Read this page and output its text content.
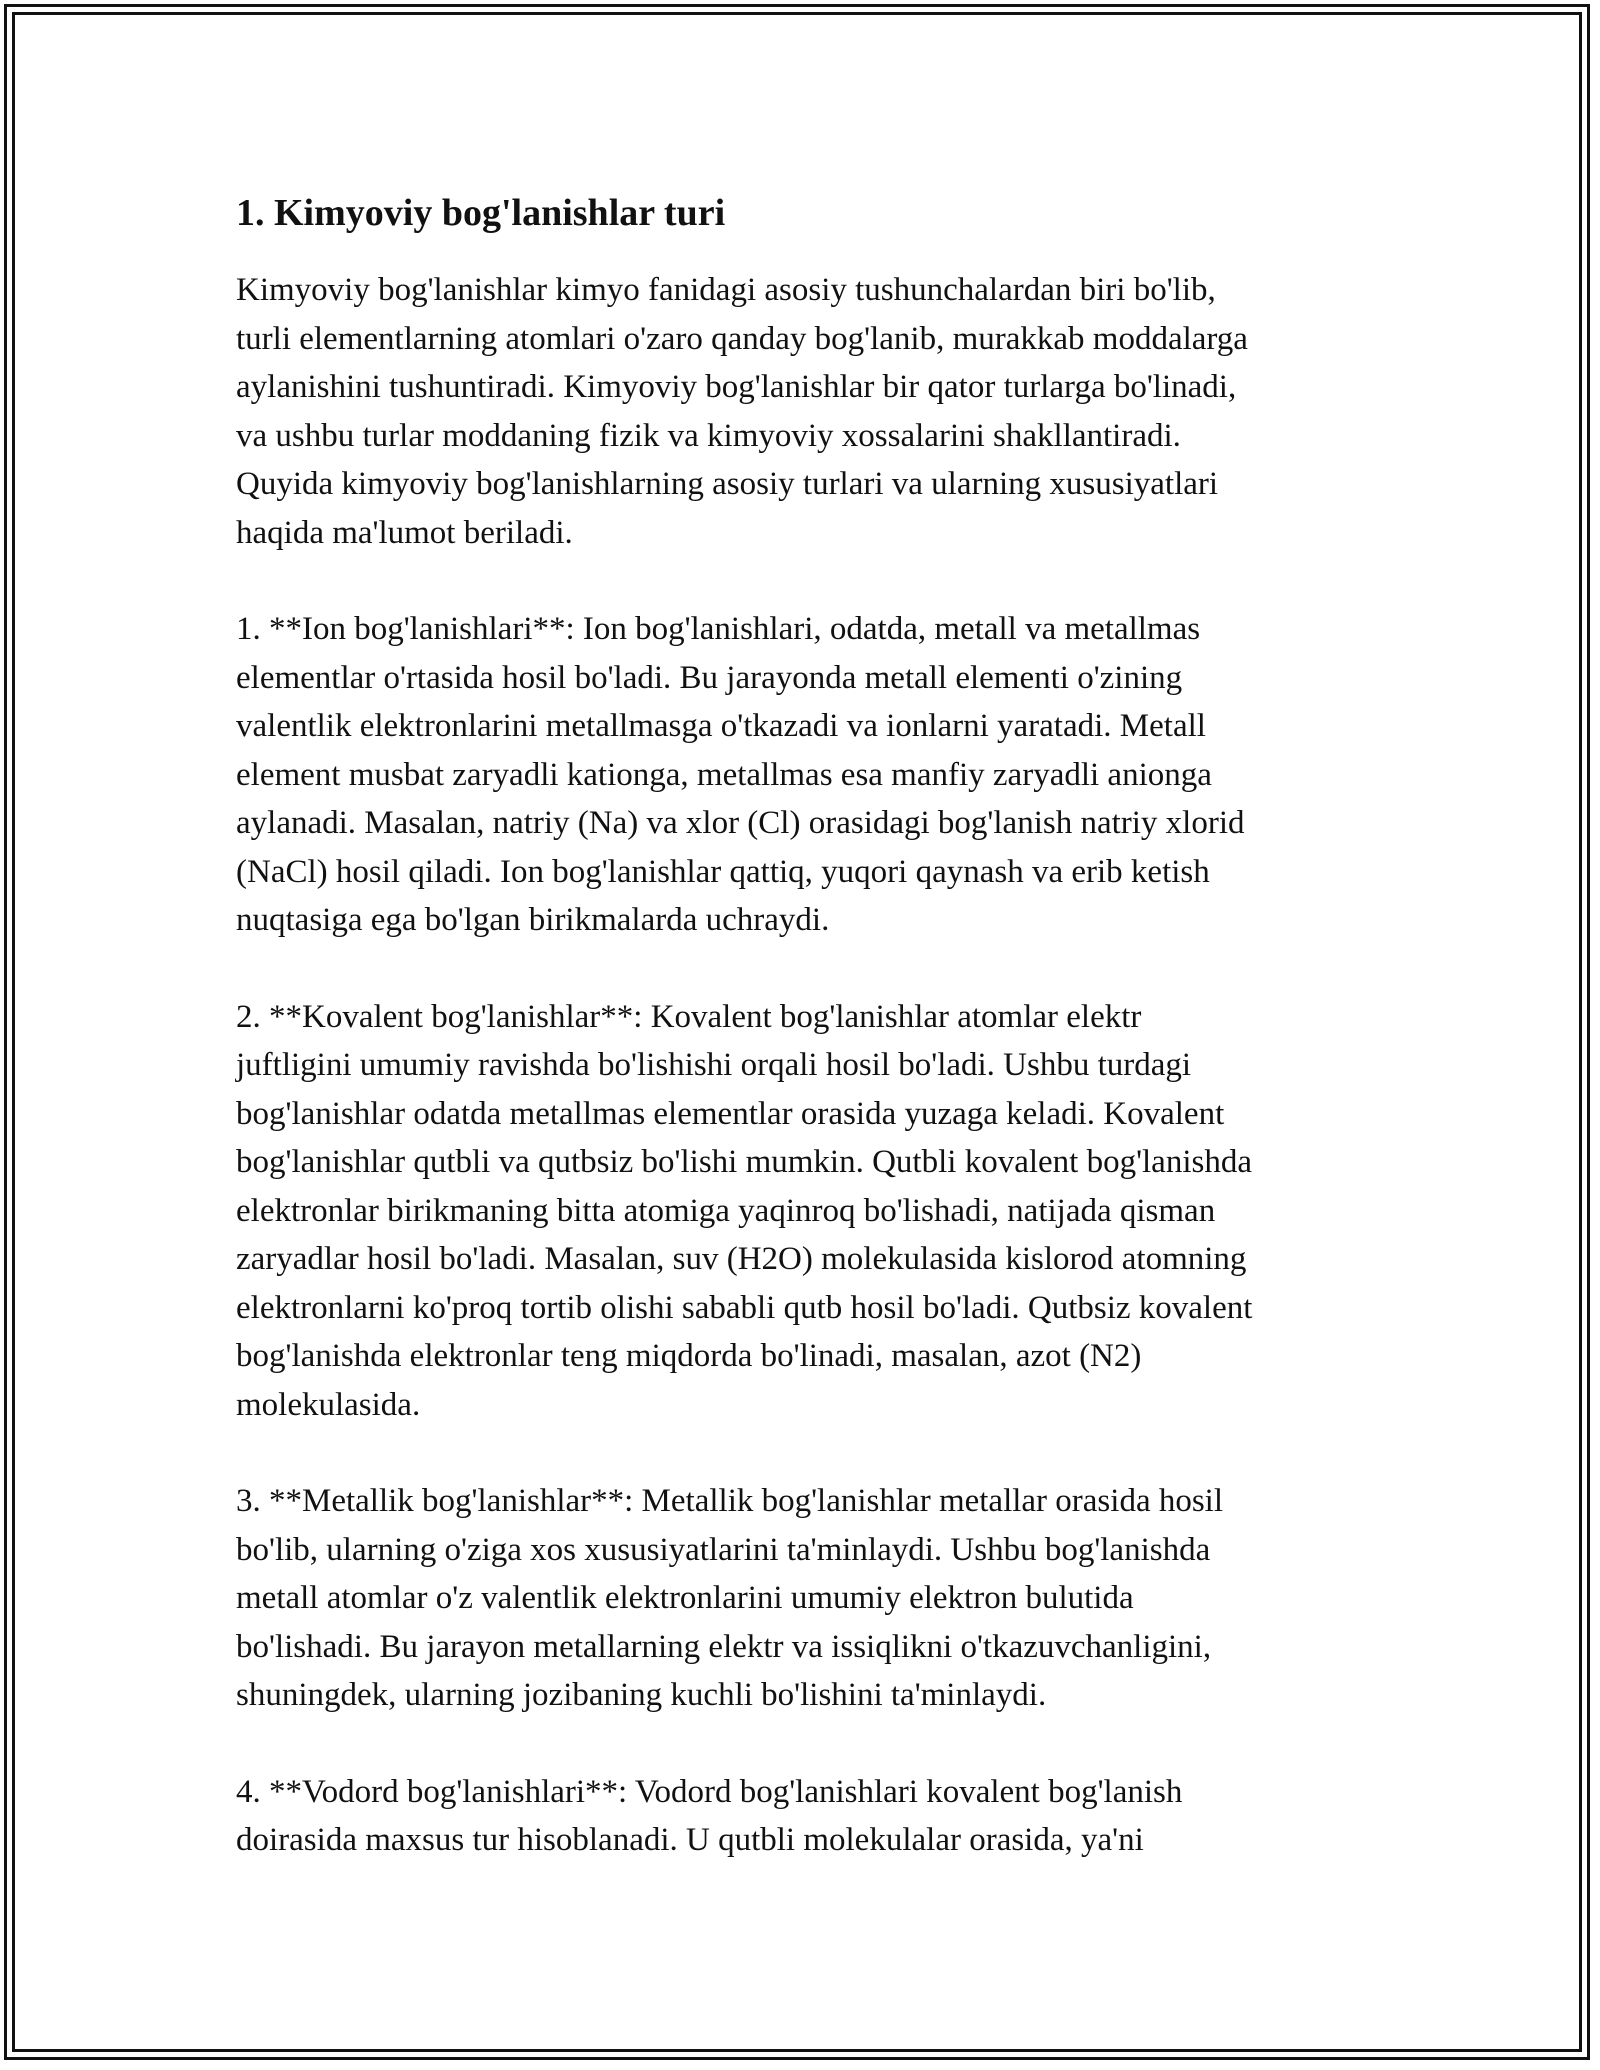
1. Kimyoviy bog'lanishlar turi

Kimyoviy bog'lanishlar kimyo fanidagi asosiy tushunchalardan biri bo'lib,
turli elementlarning atomlari o'zaro qanday bog'lanib, murakkab moddalarga
aylanishini tushuntiradi. Kimyoviy bog'lanishlar bir qator turlarga bo'linadi,
va ushbu turlar moddaning fizik va kimyoviy xossalarini shakllantiradi.
Quyida kimyoviy bog'lanishlarning asosiy turlari va ularning xususiyatlari
haqida ma'lumot beriladi.

1. **Ion bog'lanishlari**: Ion bog'lanishlari, odatda, metall va metallmas
elementlar o'rtasida hosil bo'ladi. Bu jarayonda metall elementi o'zining
valentlik elektronlarini metallmasga o'tkazadi va ionlarni yaratadi. Metall
element musbat zaryadli kationga, metallmas esa manfiy zaryadli anionga
aylanadi. Masalan, natriy (Na) va xlor (Cl) orasidagi bog'lanish natriy xlorid
(NaCl) hosil qiladi. Ion bog'lanishlar qattiq, yuqori qaynash va erib ketish
nuqtasiga ega bo'lgan birikmalarda uchraydi.

2. **Kovalent bog'lanishlar**: Kovalent bog'lanishlar atomlar elektr
juftligini umumiy ravishda bo'lishishi orqali hosil bo'ladi. Ushbu turdagi
bog'lanishlar odatda metallmas elementlar orasida yuzaga keladi. Kovalent
bog'lanishlar qutbli va qutbsiz bo'lishi mumkin. Qutbli kovalent bog'lanishda
elektronlar birikmaning bitta atomiga yaqinroq bo'lishadi, natijada qisman
zaryadlar hosil bo'ladi. Masalan, suv (H2O) molekulasida kislorod atomning
elektronlarni ko'proq tortib olishi sababli qutb hosil bo'ladi. Qutbsiz kovalent
bog'lanishda elektronlar teng miqdorda bo'linadi, masalan, azot (N2)
molekulasida.

3. **Metallik bog'lanishlar**: Metallik bog'lanishlar metallar orasida hosil
bo'lib, ularning o'ziga xos xususiyatlarini ta'minlaydi. Ushbu bog'lanishda
metall atomlar o'z valentlik elektronlarini umumiy elektron bulutida
bo'lishadi. Bu jarayon metallarning elektr va issiqlikni o'tkazuvchanligini,
shuningdek, ularning jozibaning kuchli bo'lishini ta'minlaydi.

4. **Vodord bog'lanishlari**: Vodord bog'lanishlari kovalent bog'lanish
doirasida maxsus tur hisoblanadi. U qutbli molekulalar orasida, ya'ni
